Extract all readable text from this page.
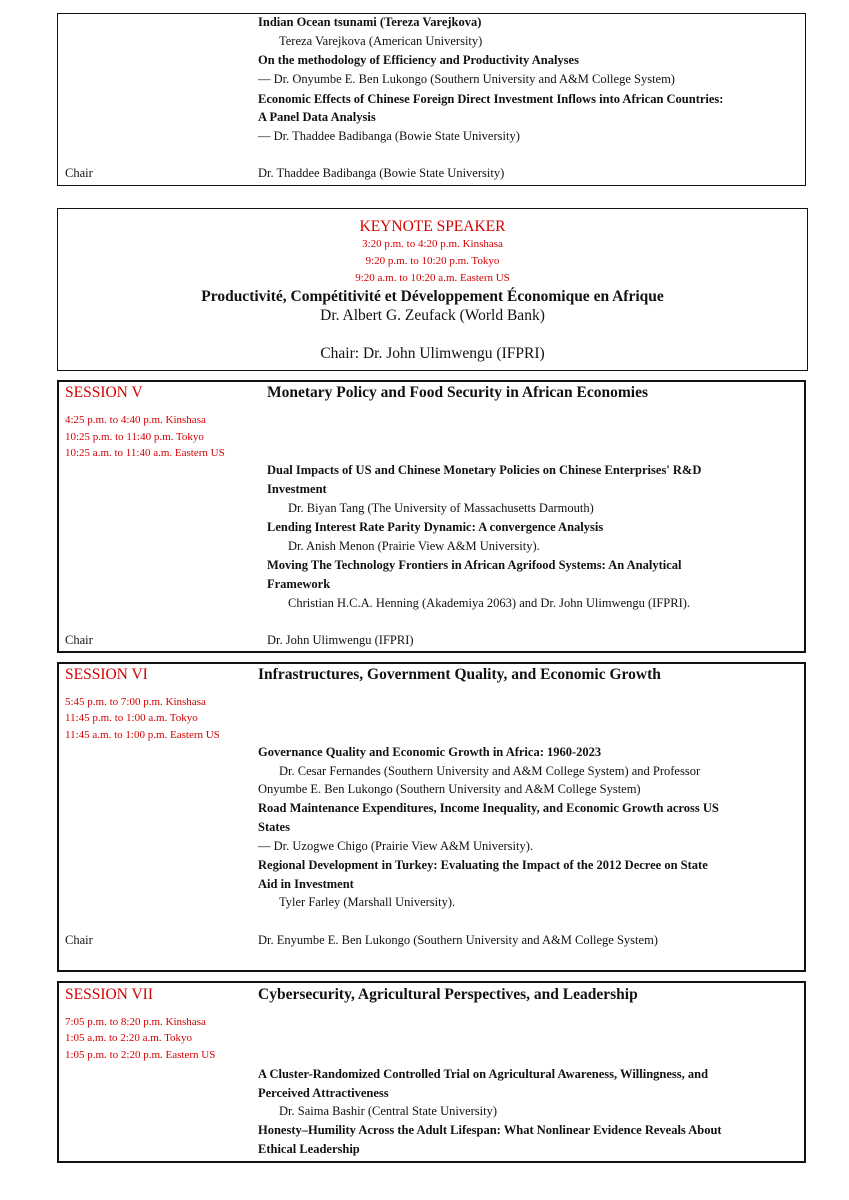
Indian Ocean tsunami (Tereza Varejkova)
Tereza Varejkova (American University)
On the methodology of Efficiency and Productivity Analyses
— Dr. Onyumbe E. Ben Lukongo (Southern University and A&M College System)
Economic Effects of Chinese Foreign Direct Investment Inflows into African Countries:
A Panel Data Analysis
— Dr. Thaddee Badibanga (Bowie State University)
Chair	Dr. Thaddee Badibanga (Bowie State University)
KEYNOTE SPEAKER
3:20 p.m. to 4:20 p.m. Kinshasa
9:20 p.m. to 10:20 p.m. Tokyo
9:20 a.m. to 10:20 a.m. Eastern US
Productivité, Compétitivité et Développement Économique en Afrique
Dr. Albert G. Zeufack (World Bank)
Chair: Dr. John Ulimwengu (IFPRI)
SESSION V	Monetary Policy and Food Security in African Economies
4:25 p.m. to 4:40 p.m. Kinshasa
10:25 p.m. to 11:40 p.m. Tokyo
10:25 a.m. to 11:40 a.m. Eastern US
Dual Impacts of US and Chinese Monetary Policies on Chinese Enterprises' R&D
Investment
Dr. Biyan Tang (The University of Massachusetts Darmouth)
Lending Interest Rate Parity Dynamic: A convergence Analysis
Dr. Anish Menon (Prairie View A&M University).
Moving The Technology Frontiers in African Agrifood Systems: An Analytical
Framework
Christian H.C.A. Henning (Akademiya 2063) and Dr. John Ulimwengu (IFPRI).
Chair	Dr. John Ulimwengu (IFPRI)
SESSION VI	Infrastructures, Government Quality, and Economic Growth
5:45 p.m. to 7:00 p.m. Kinshasa
11:45 p.m. to 1:00 a.m. Tokyo
11:45 a.m. to 1:00 p.m. Eastern US
Governance Quality and Economic Growth in Africa: 1960-2023
Dr. Cesar Fernandes (Southern University and A&M College System) and Professor
Onyumbe E. Ben Lukongo (Southern University and A&M College System)
Road Maintenance Expenditures, Income Inequality, and Economic Growth across US
States
— Dr. Uzogwe Chigo (Prairie View A&M University).
Regional Development in Turkey: Evaluating the Impact of the 2012 Decree on State
Aid in Investment
Tyler Farley (Marshall University).
Chair	Dr. Enyumbe E. Ben Lukongo (Southern University and A&M College System)
SESSION VII	Cybersecurity, Agricultural Perspectives, and Leadership
7:05 p.m. to 8:20 p.m. Kinshasa
1:05 a.m. to 2:20 a.m. Tokyo
1:05 p.m. to 2:20 p.m. Eastern US
A Cluster-Randomized Controlled Trial on Agricultural Awareness, Willingness, and
Perceived Attractiveness
Dr. Saima Bashir (Central State University)
Honesty–Humility Across the Adult Lifespan: What Nonlinear Evidence Reveals About
Ethical Leadership
